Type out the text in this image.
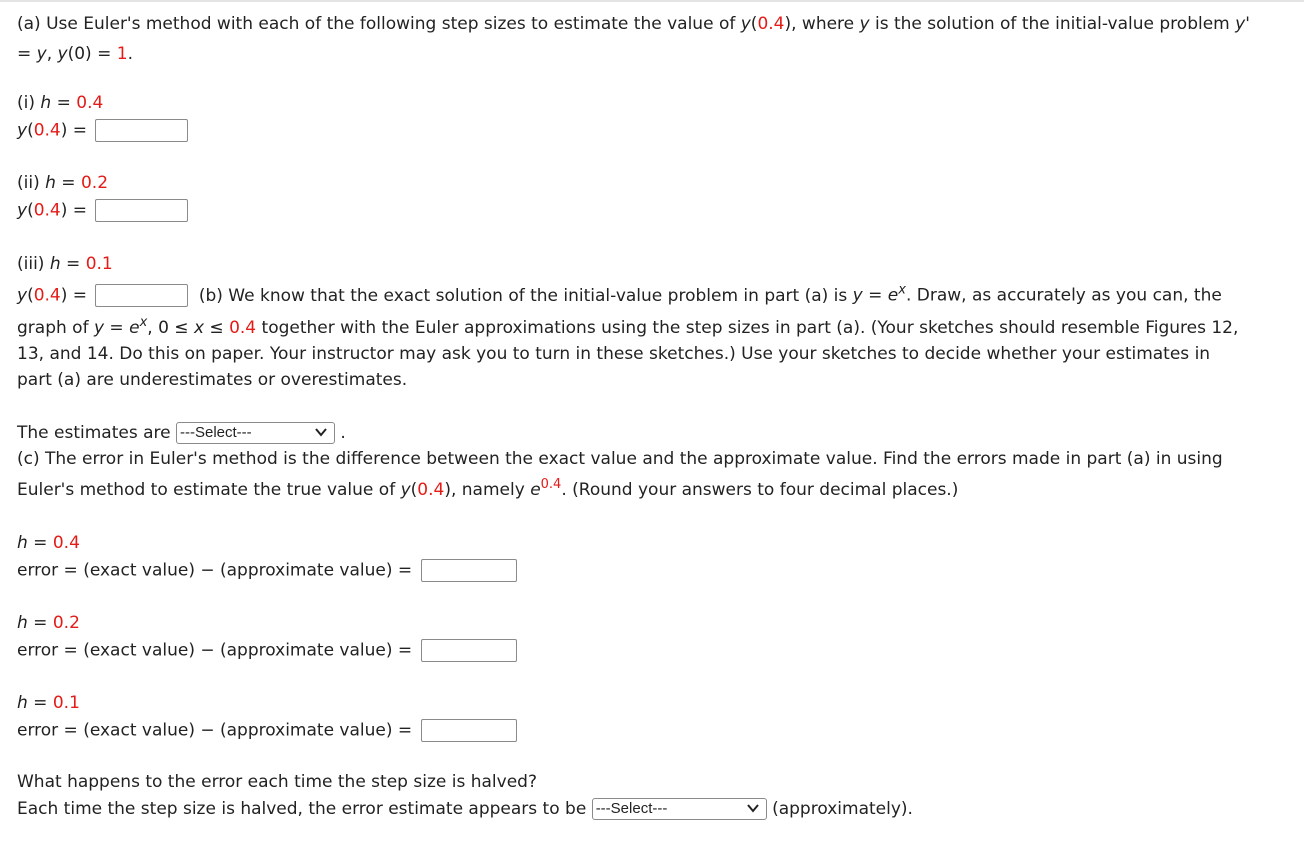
(a) Use Euler's method with each of the following step sizes to estimate the value of y(0.4), where y is the solution of the initial-value problem y'
= y, y(0) = 1.
(i) h = 0.4
y(0.4) =
(ii) h = 0.2
y(0.4) =
(iii) h = 0.1
y(0.4) =	(b) We know that the exact solution of the initial-value problem in part (a) is $y = e^x$. Draw, as accurately as you can, the
graph of $y = e^x$, 0 ≤ x ≤ 0.4 together with the Euler approximations using the step sizes in part (a). (Your sketches should resemble Figures 12,
13, and 14. Do this on paper. Your instructor may ask you to turn in these sketches.) Use your sketches to decide whether your estimates in
part (a) are underestimates or overestimates.
The estimates are ---Select---	.
(c) The error in Euler's method is the difference between the exact value and the approximate value. Find the errors made in part (a) in using
Euler's method to estimate the true value of y(0.4), namely $e^{0.4}$. (Round your answers to four decimal places.)
h = 0.4
error = (exact value) − (approximate value) =
h = 0.2
error = (exact value) − (approximate value) =
h = 0.1
error = (exact value) − (approximate value) =
What happens to the error each time the step size is halved?
Each time the step size is halved, the error estimate appears to be ---Select---	(approximately).
